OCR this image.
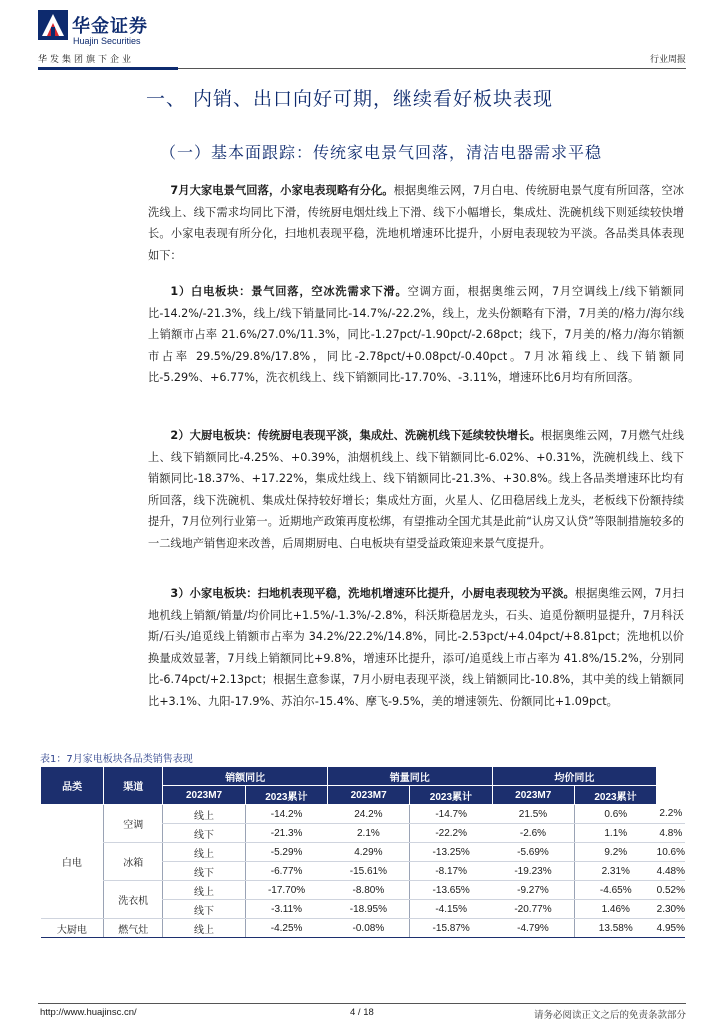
华金证券
Huajin Securities
华发集团旗下企业	行业周报
一、 内销、出口向好可期，继续看好板块表现
（一）基本面跟踪：传统家电景气回落，清洁电器需求平稳
7月大家电景气回落，小家电表现略有分化。根据奥维云网，7月白电、传统厨电景气度有所回落，空冰洗线上、线下需求均同比下滑，传统厨电烟灶线上下滑、线下小幅增长，集成灶、洗碗机线下则延续较快增长。小家电表现有所分化，扫地机表现平稳，洗地机增速环比提升，小厨电表现较为平淡。各品类具体表现如下：
1）白电板块：景气回落，空冰洗需求下滑。空调方面，根据奥维云网，7月空调线上/线下销额同比-14.2%/-21.3%，线上/线下销量同比-14.7%/-22.2%，线上，龙头份额略有下滑，7月美的/格力/海尔线上销额市占率 21.6%/27.0%/11.3%，同比-1.27pct/-1.90pct/-2.68pct；线下，7月美的/格力/海尔销额市占率 29.5%/29.8%/17.8%，同比-2.78pct/+0.08pct/-0.40pct。7月冰箱线上、线下销额同比-5.29%、+6.77%，洗衣机线上、线下销额同比-17.70%、-3.11%，增速环比6月均有所回落。
2）大厨电板块：传统厨电表现平淡，集成灶、洗碗机线下延续较快增长。根据奥维云网，7月燃气灶线上、线下销额同比-4.25%、+0.39%，油烟机线上、线下销额同比-6.02%、+0.31%，洗碗机线上、线下销额同比-18.37%、+17.22%，集成灶线上、线下销额同比-21.3%、+30.8%。线上各品类增速环比均有所回落，线下洗碗机、集成灶保持较好增长；集成灶方面，火星人、亿田稳居线上龙头，老板线下份额持续提升，7月位列行业第一。近期地产政策再度松绑，有望推动全国尤其是此前“认房又认贷”等限制措施较多的一二线地产销售迎来改善，后周期厨电、白电板块有望受益政策迎来景气度提升。
3）小家电板块：扫地机表现平稳，洗地机增速环比提升，小厨电表现较为平淡。根据奥维云网，7月扫地机线上销额/销量/均价同比+1.5%/-1.3%/-2.8%，科沃斯稳居龙头，石头、追觅份额明显提升，7月科沃斯/石头/追觅线上销额市占率为 34.2%/22.2%/14.8%，同比-2.53pct/+4.04pct/+8.81pct；洗地机以价换量成效显著，7月线上销额同比+9.8%，增速环比提升，添可/追觅线上市占率为 41.8%/15.2%，分别同比-6.74pct/+2.13pct；根据生意参谋，7月小厨电表现平淡，线上销额同比-10.8%，其中美的线上销额同比+3.1%、九阳-17.9%、苏泊尔-15.4%、摩飞-9.5%，美的增速领先、份额同比+1.09pct。
表1：7月家电板块各品类销售表现
品类	渠道	销额同比		销量同比		均价同比		
		2023M7	2023累计	2023M7	2023累计	2023M7	2023累计	
白电	空调	线上	-14.2%	24.2%	-14.7%	21.5%	0.6%	2.2%
		线下	-21.3%	2.1%	-22.2%	-2.6%	1.1%	4.8%
	冰箱	线上	-5.29%	4.29%	-13.25%	-5.69%	9.2%	10.6%
		线下	-6.77%	-15.61%	-8.17%	-19.23%	2.31%	4.48%
	洗衣机	线上	-17.70%	-8.80%	-13.65%	-9.27%	-4.65%	0.52%
		线下	-3.11%	-18.95%	-4.15%	-20.77%	1.46%	2.30%
大厨电	燃气灶	线上	-4.25%	-0.08%	-15.87%	-4.79%	13.58%	4.95%
http://www.huajinsc.cn/	4 / 18	请务必阅读正文之后的免责条款部分
